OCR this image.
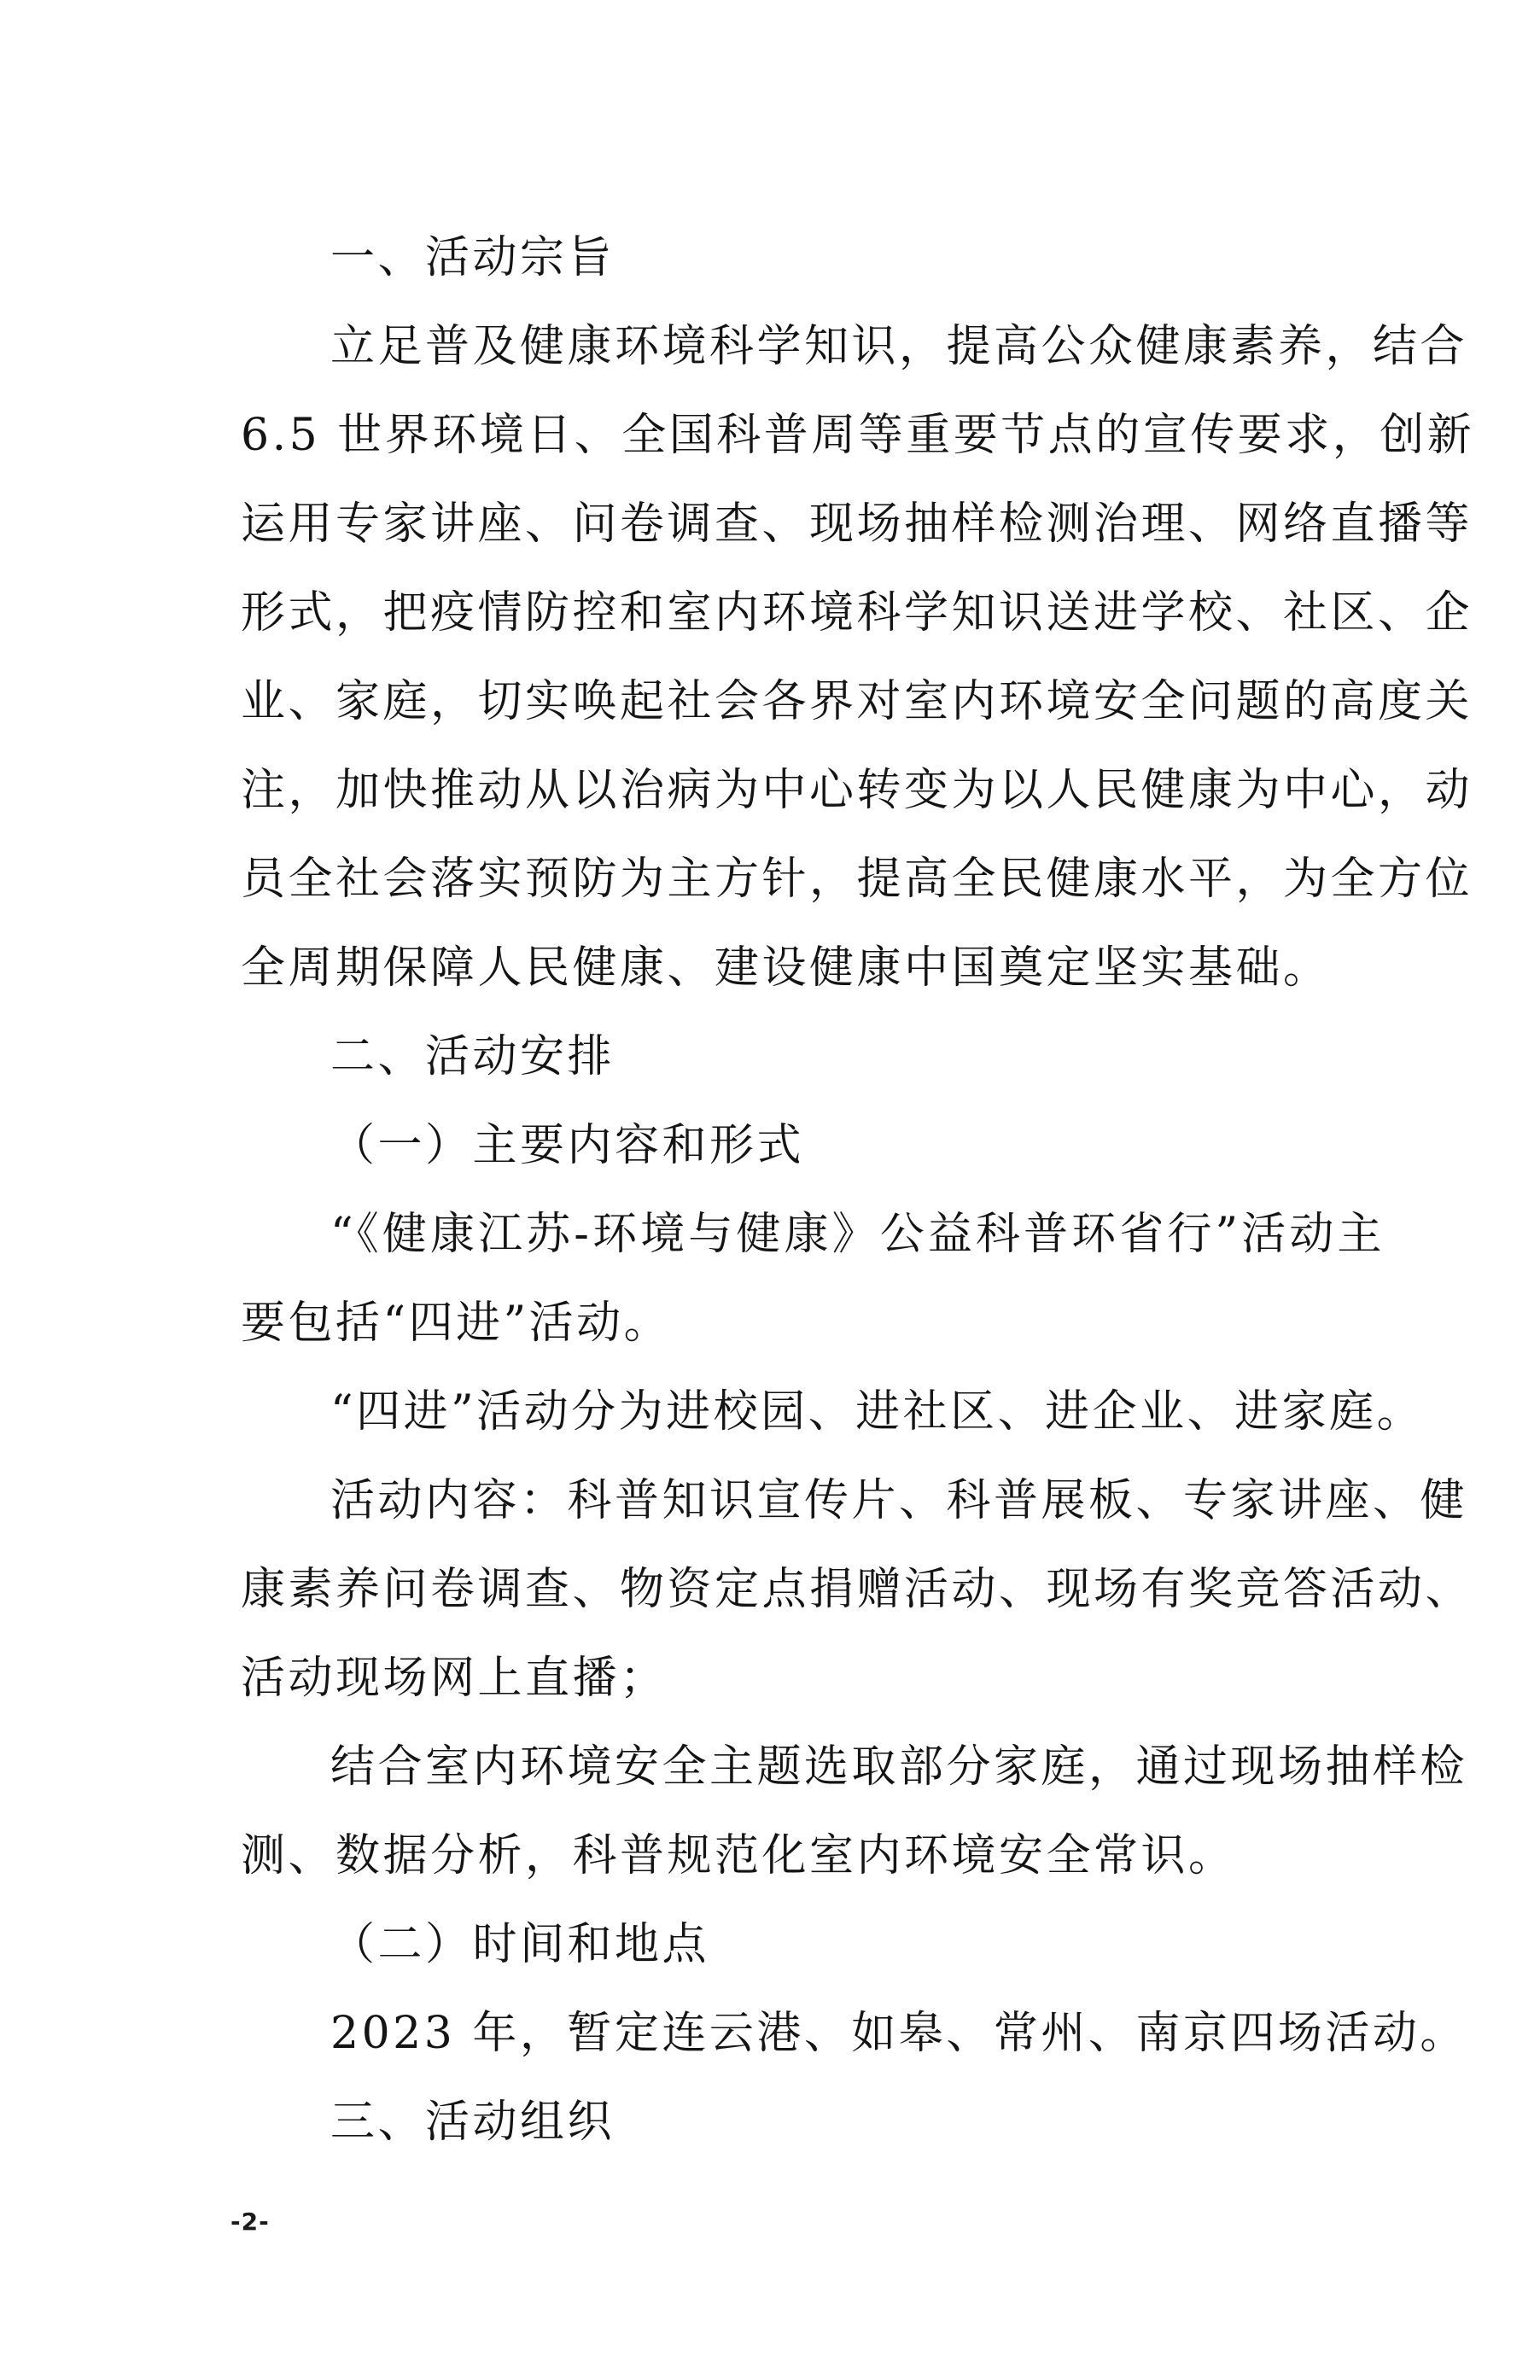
一、活动宗旨
立足普及健康环境科学知识，提高公众健康素养，结合
6.5 世界环境日、全国科普周等重要节点的宣传要求，创新
运用专家讲座、问卷调查、现场抽样检测治理、网络直播等
形式，把疫情防控和室内环境科学知识送进学校、社区、企
业、家庭，切实唤起社会各界对室内环境安全问题的高度关
注，加快推动从以治病为中心转变为以人民健康为中心，动
员全社会落实预防为主方针，提高全民健康水平，为全方位
全周期保障人民健康、建设健康中国奠定坚实基础。
二、活动安排
（一）主要内容和形式
“《健康江苏-环境与健康》公益科普环省行”活动主
要包括“四进”活动。
“四进”活动分为进校园、进社区、进企业、进家庭。
活动内容：科普知识宣传片、科普展板、专家讲座、健
康素养问卷调查、物资定点捐赠活动、现场有奖竞答活动、
活动现场网上直播；
结合室内环境安全主题选取部分家庭，通过现场抽样检
测、数据分析，科普规范化室内环境安全常识。
（二）时间和地点
2023 年，暂定连云港、如皋、常州、南京四场活动。
三、活动组织
-2-
